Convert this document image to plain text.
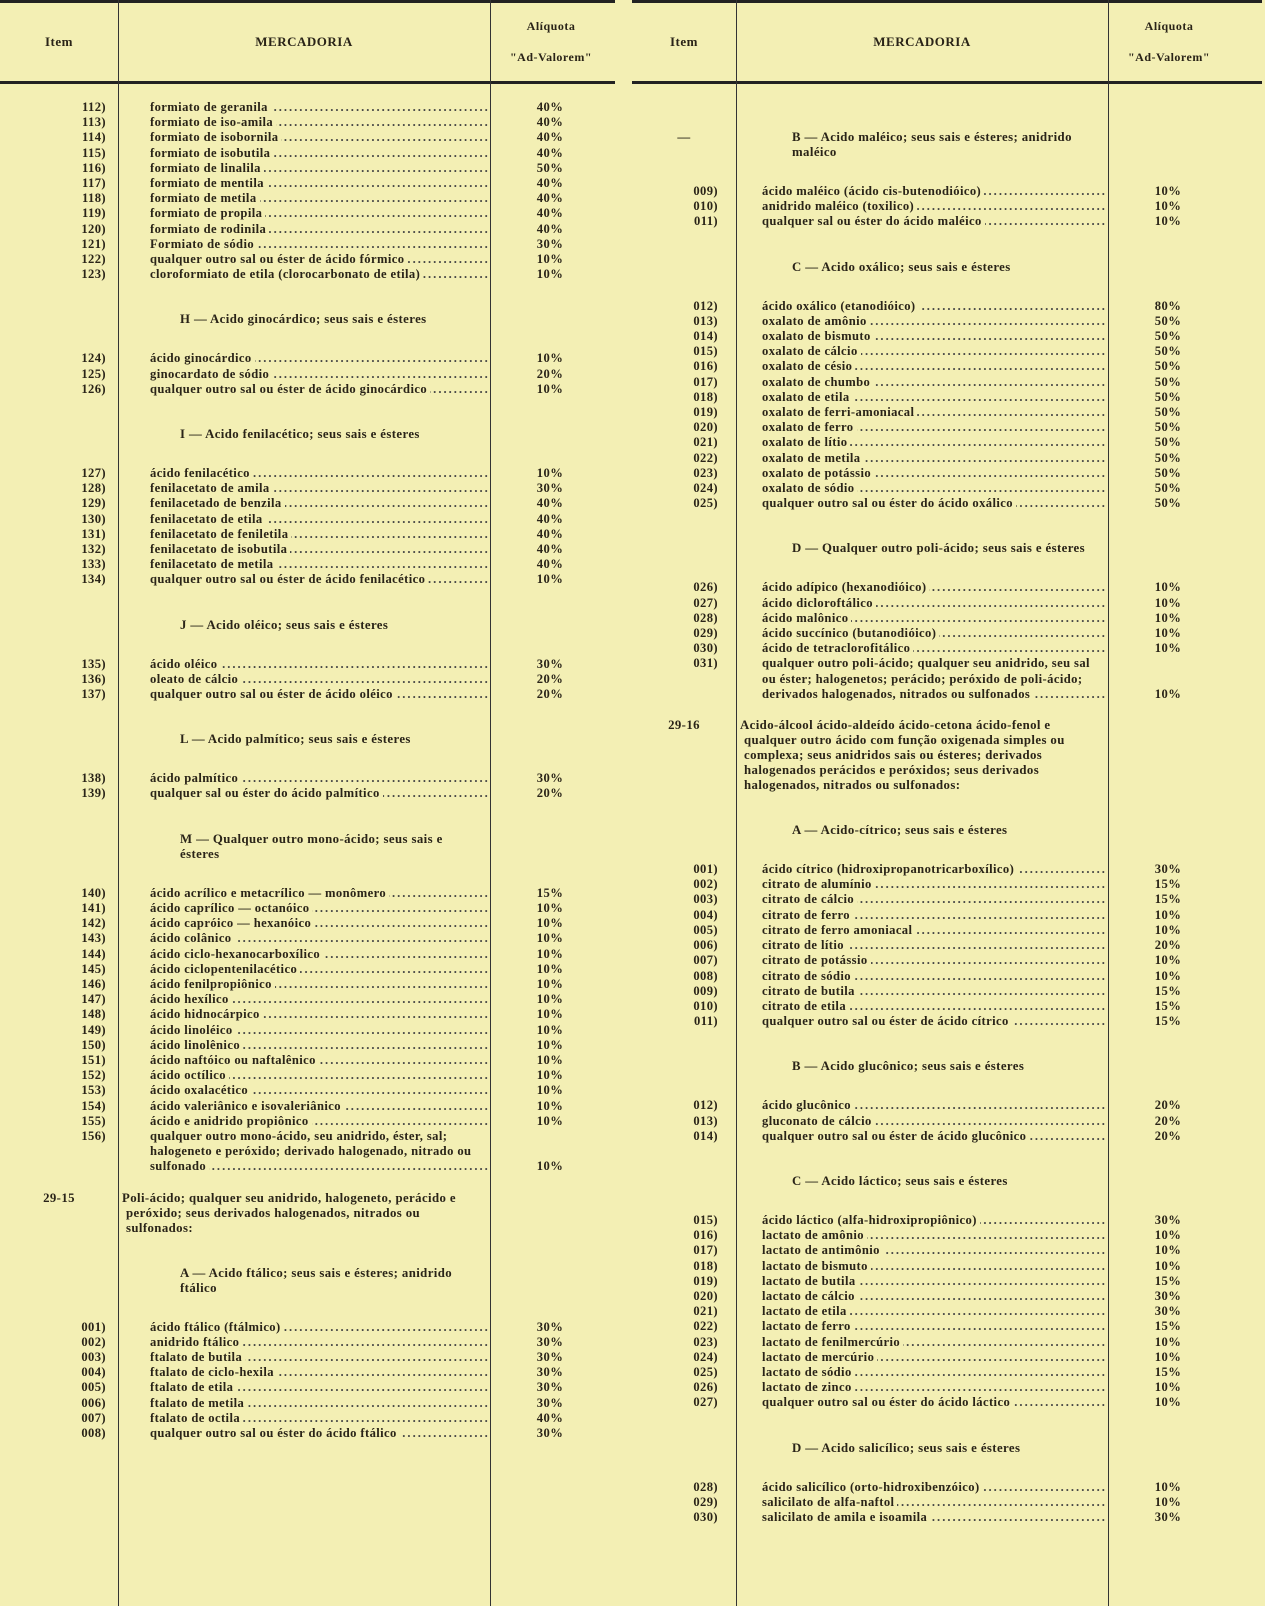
Item	MERCADORIA
Alíquota
"Ad-Valorem"
112)	formiato de geranila .....	40%
113)	formiato de iso-amila .....	40%
114)	formiato de isobornila .....	40%
115)	formiato de isobutila .....	40%
116)	formiato de linalila .....	50%
117)	formiato de mentila .....	40%
118)	formiato de metila .....	40%
119)	formiato de propila .....	40%
120)	formiato de rodinila .....	40%
121)	Formiato de sódio .....	30%
122)	qualquer outro sal ou éster de ácido fórmico .....	10%
123)	cloroformiato de etila (clorocarbonato de etila) .....	10%
H — Acido ginocárdico; seus sais e ésteres
124)	ácido ginocárdico .....	10%
125)	ginocardato de sódio .....	20%
126)	qualquer outro sal ou éster de ácido ginocárdico .....	10%
I — Acido fenilacético; seus sais e ésteres
127)	ácido fenilacético .....	10%
128)	fenilacetato de amila .....	30%
129)	fenilacetado de benzila .....	40%
130)	fenilacetato de etila .....	40%
131)	fenilacetato de feniletila .....	40%
132)	fenilacetato de isobutila .....	40%
133)	fenilacetato de metila .....	40%
134)	qualquer outro sal ou éster de ácido fenilacético .....	10%
J — Acido oléico; seus sais e ésteres
135)	ácido oléico .....	30%
136)	oleato de cálcio .....	20%
137)	qualquer outro sal ou éster de ácido oléico .....	20%
L — Acido palmítico; seus sais e ésteres
138)	ácido palmítico .....	30%
139)	qualquer sal ou éster do ácido palmítico .....	20%
M — Qualquer outro mono-ácido; seus sais e ésteres
140)	ácido acrílico e metacrílico — monômero .....	15%
141)	ácido caprílico — octanóico .....	10%
142)	ácido capróico — hexanóico .....	10%
143)	ácido colânico .....	10%
144)	ácido ciclo-hexanocarboxílico .....	10%
145)	ácido ciclopentenilacético .....	10%
146)	ácido fenilpropiônico .....	10%
147)	ácido hexílico .....	10%
148)	ácido hidnocárpico .....	10%
149)	ácido linoléico .....	10%
150)	ácido linolênico .....	10%
151)	ácido naftóico ou naftalênico .....	10%
152)	ácido octílico .....	10%
153)	ácido oxalacético .....	10%
154)	ácido valeriânico e isovaleriânico .....	10%
155)	ácido e anidrido propiônico .....	10%
156)	qualquer outro mono-ácido, seu anidrido, éster, sal; halogeneto e peróxido; derivado halogenado, nitrado ou sulfonado .....	10%
29-15	Poli-ácido; qualquer seu anidrido, halogeneto, perácido e peróxido; seus derivados halogenados, nitrados ou sulfonados:
A — Acido ftálico; seus sais e ésteres; anidrido ftálico
001)	ácido ftálico (ftálmico) .....	30%
002)	anidrido ftálico .....	30%
003)	ftalato de butila .....	30%
004)	ftalato de ciclo-hexila .....	30%
005)	ftalato de etila .....	30%
006)	ftalato de metila .....	30%
007)	ftalato de octila .....	40%
008)	qualquer outro sal ou éster do ácido ftálico .....	30%
Item	MERCADORIA
Alíquota
"Ad-Valorem"
—	B — Acido maléico; seus sais e ésteres; anidrido maléico
009)	ácido maléico (ácido cis-butenodióico) .....	10%
010)	anidrido maléico (toxilico) .....	10%
011)	qualquer sal ou éster do ácido maléico .....	10%
C — Acido oxálico; seus sais e ésteres
012)	ácido oxálico (etanodióico) .....	80%
013)	oxalato de amônio .....	50%
014)	oxalato de bismuto .....	50%
015)	oxalato de cálcio .....	50%
016)	oxalato de césio .....	50%
017)	oxalato de chumbo .....	50%
018)	oxalato de etila .....	50%
019)	oxalato de ferri-amoniacal .....	50%
020)	oxalato de ferro .....	50%
021)	oxalato de lítio .....	50%
022)	oxalato de metila .....	50%
023)	oxalato de potássio .....	50%
024)	oxalato de sódio .....	50%
025)	qualquer outro sal ou éster do ácido oxálico .....	50%
D — Qualquer outro poli-ácido; seus sais e ésteres
026)	ácido adípico (hexanodióico) .....	10%
027)	ácido dicloroftálico .....	10%
028)	ácido malônico .....	10%
029)	ácido succínico (butanodióico) .....	10%
030)	ácido de tetraclorofitálico .....	10%
031)	qualquer outro poli-ácido; qualquer seu anidrido, seu sal ou éster; halogenetos; perácido; peróxido de poli-ácido; derivados halogenados, nitrados ou sulfonados .....	10%
29-16	Acido-álcool ácido-aldeído ácido-cetona ácido-fenol e qualquer outro ácido com função oxigenada simples ou complexa; seus anidridos sais ou ésteres; derivados halogenados perácidos e peróxidos; seus derivados halogenados, nitrados ou sulfonados:
A — Acido-cítrico; seus sais e ésteres
001)	ácido cítrico (hidroxipropanotricarboxílico) .....	30%
002)	citrato de alumínio .....	15%
003)	citrato de cálcio .....	15%
004)	citrato de ferro .....	10%
005)	citrato de ferro amoniacal .....	10%
006)	citrato de lítio .....	20%
007)	citrato de potássio .....	10%
008)	citrato de sódio .....	10%
009)	citrato de butila .....	15%
010)	citrato de etila .....	15%
011)	qualquer outro sal ou éster de ácido cítrico .....	15%
B — Acido glucônico; seus sais e ésteres
012)	ácido glucônico .....	20%
013)	gluconato de cálcio .....	20%
014)	qualquer outro sal ou éster de ácido glucônico .....	20%
C — Acido láctico; seus sais e ésteres
015)	ácido láctico (alfa-hidroxipropiônico) .....	30%
016)	lactato de amônio .....	10%
017)	lactato de antimônio .....	10%
018)	lactato de bismuto .....	10%
019)	lactato de butila .....	15%
020)	lactato de cálcio .....	30%
021)	lactato de etila .....	30%
022)	lactato de ferro .....	15%
023)	lactato de fenilmercúrio .....	10%
024)	lactato de mercúrio .....	10%
025)	lactato de sódio .....	15%
026)	lactato de zinco .....	10%
027)	qualquer outro sal ou éster do ácido láctico .....	10%
D — Acido salicílico; seus sais e ésteres
028)	ácido salicílico (orto-hidroxibenzóico) .....	10%
029)	salicilato de alfa-naftol .....	10%
030)	salicilato de amila e isoamila .....	30%
